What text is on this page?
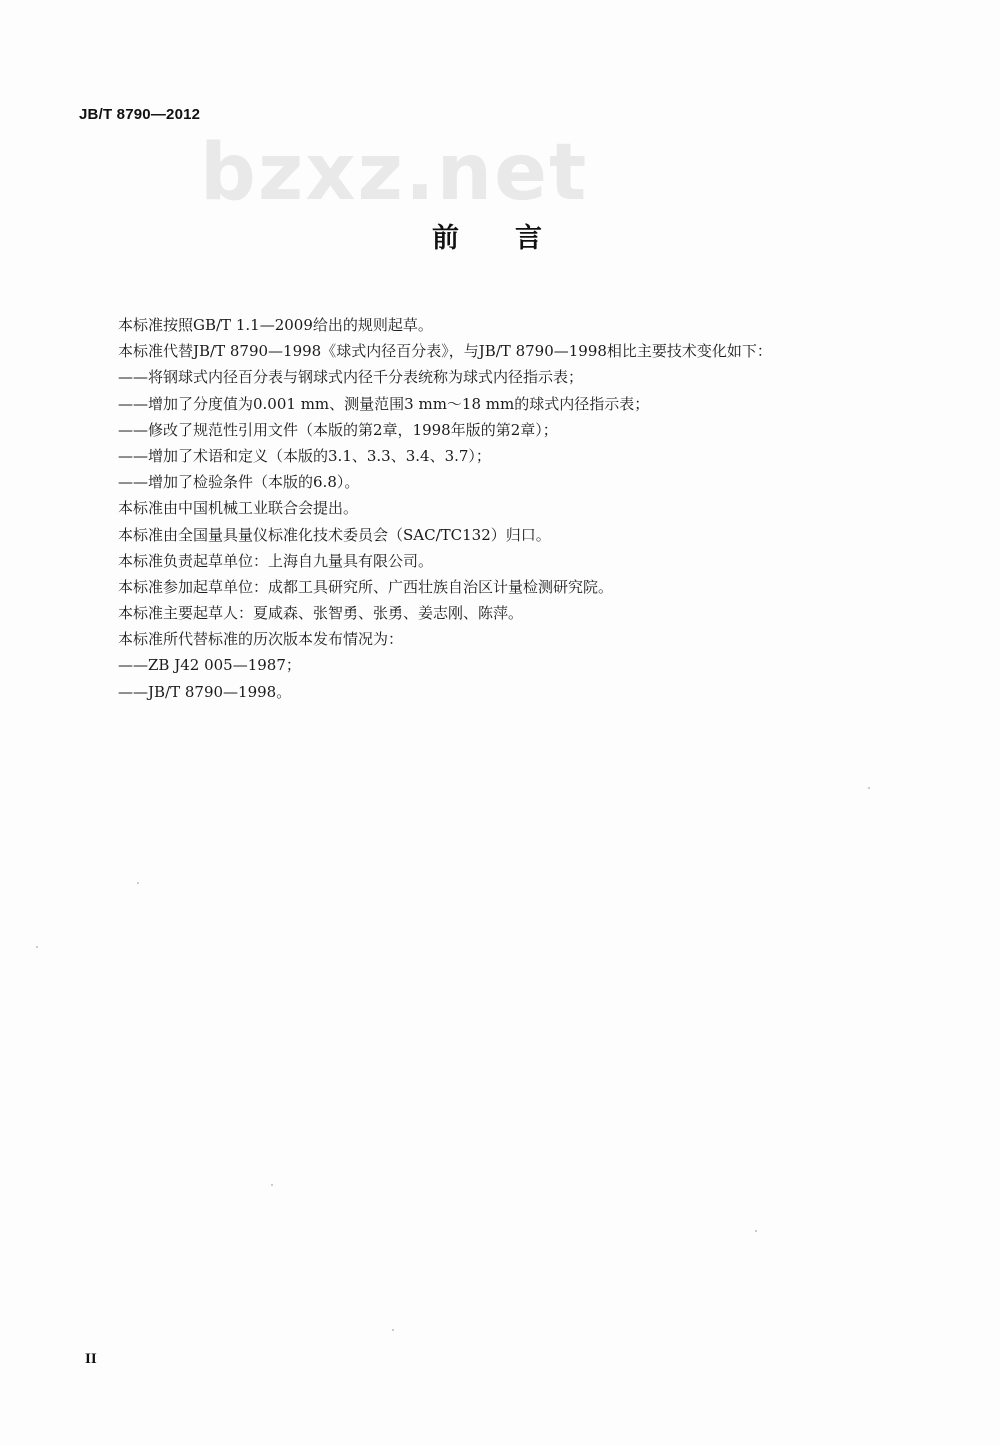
JB/T 8790—2012
bzxz.net
前言
本标准按照GB/T 1.1—2009给出的规则起草。
本标准代替JB/T 8790—1998《球式内径百分表》，与JB/T 8790—1998相比主要技术变化如下：
——将钢球式内径百分表与钢球式内径千分表统称为球式内径指示表；
——增加了分度值为0.001 mm、测量范围3 mm～18 mm的球式内径指示表；
——修改了规范性引用文件（本版的第2章，1998年版的第2章）；
——增加了术语和定义（本版的3.1、3.3、3.4、3.7）；
——增加了检验条件（本版的6.8）。
本标准由中国机械工业联合会提出。
本标准由全国量具量仪标准化技术委员会（SAC/TC132）归口。
本标准负责起草单位：上海自九量具有限公司。
本标准参加起草单位：成都工具研究所、广西壮族自治区计量检测研究院。
本标准主要起草人：夏咸森、张智勇、张勇、姜志刚、陈萍。
本标准所代替标准的历次版本发布情况为：
——ZB J42 005—1987；
——JB/T 8790—1998。
II
